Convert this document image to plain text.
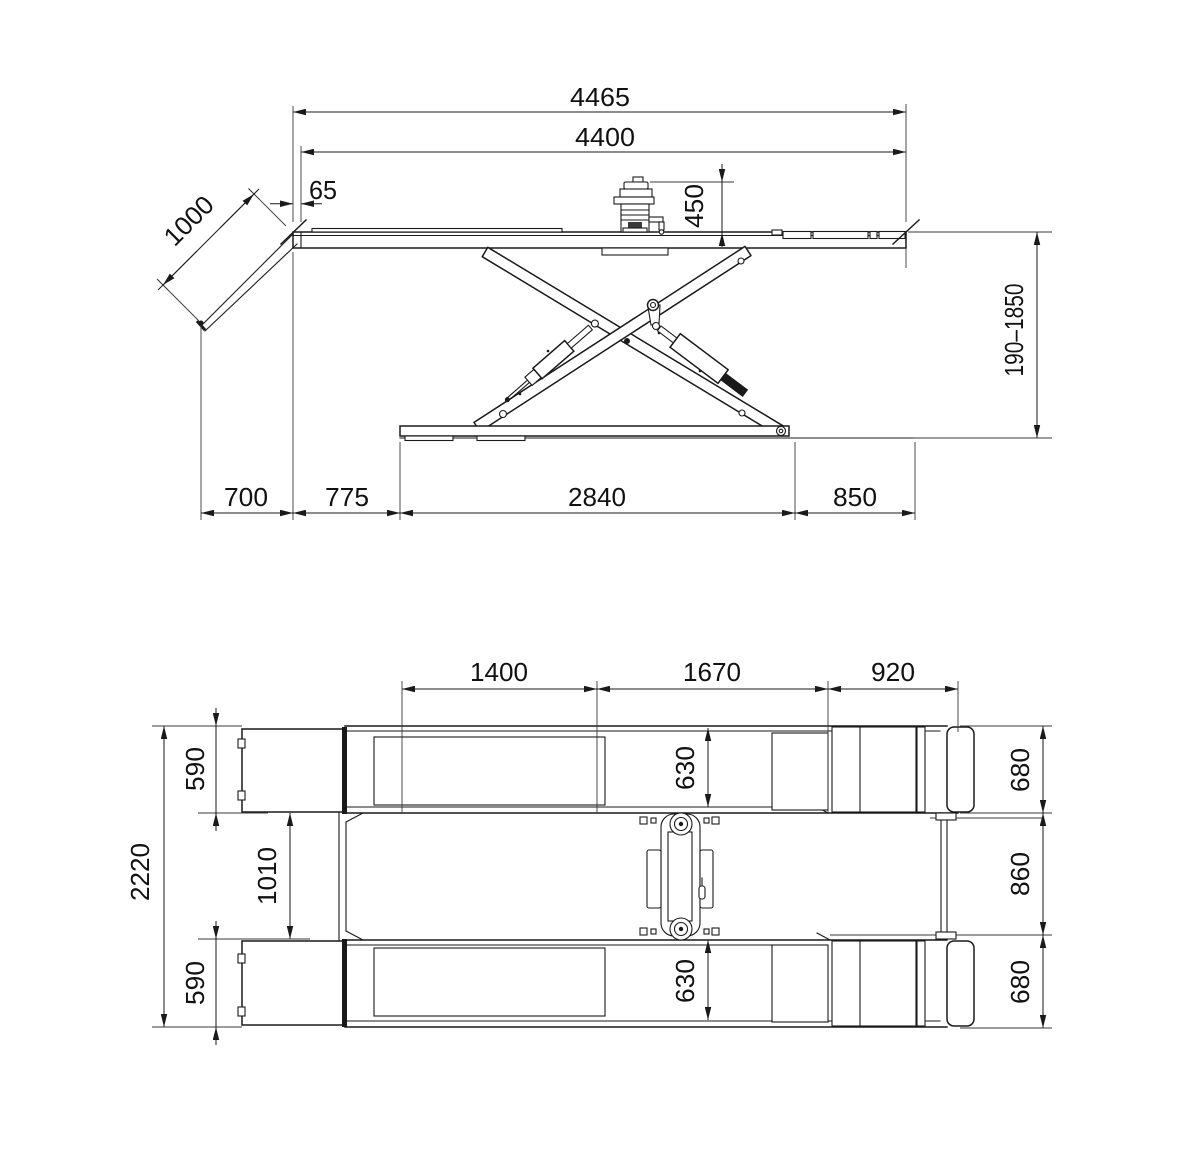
4465
4400
65
1000	450
190–1850
700 775	2840	850
1400	1670	920
2220
590
1010
590
630
630
680
860
680
